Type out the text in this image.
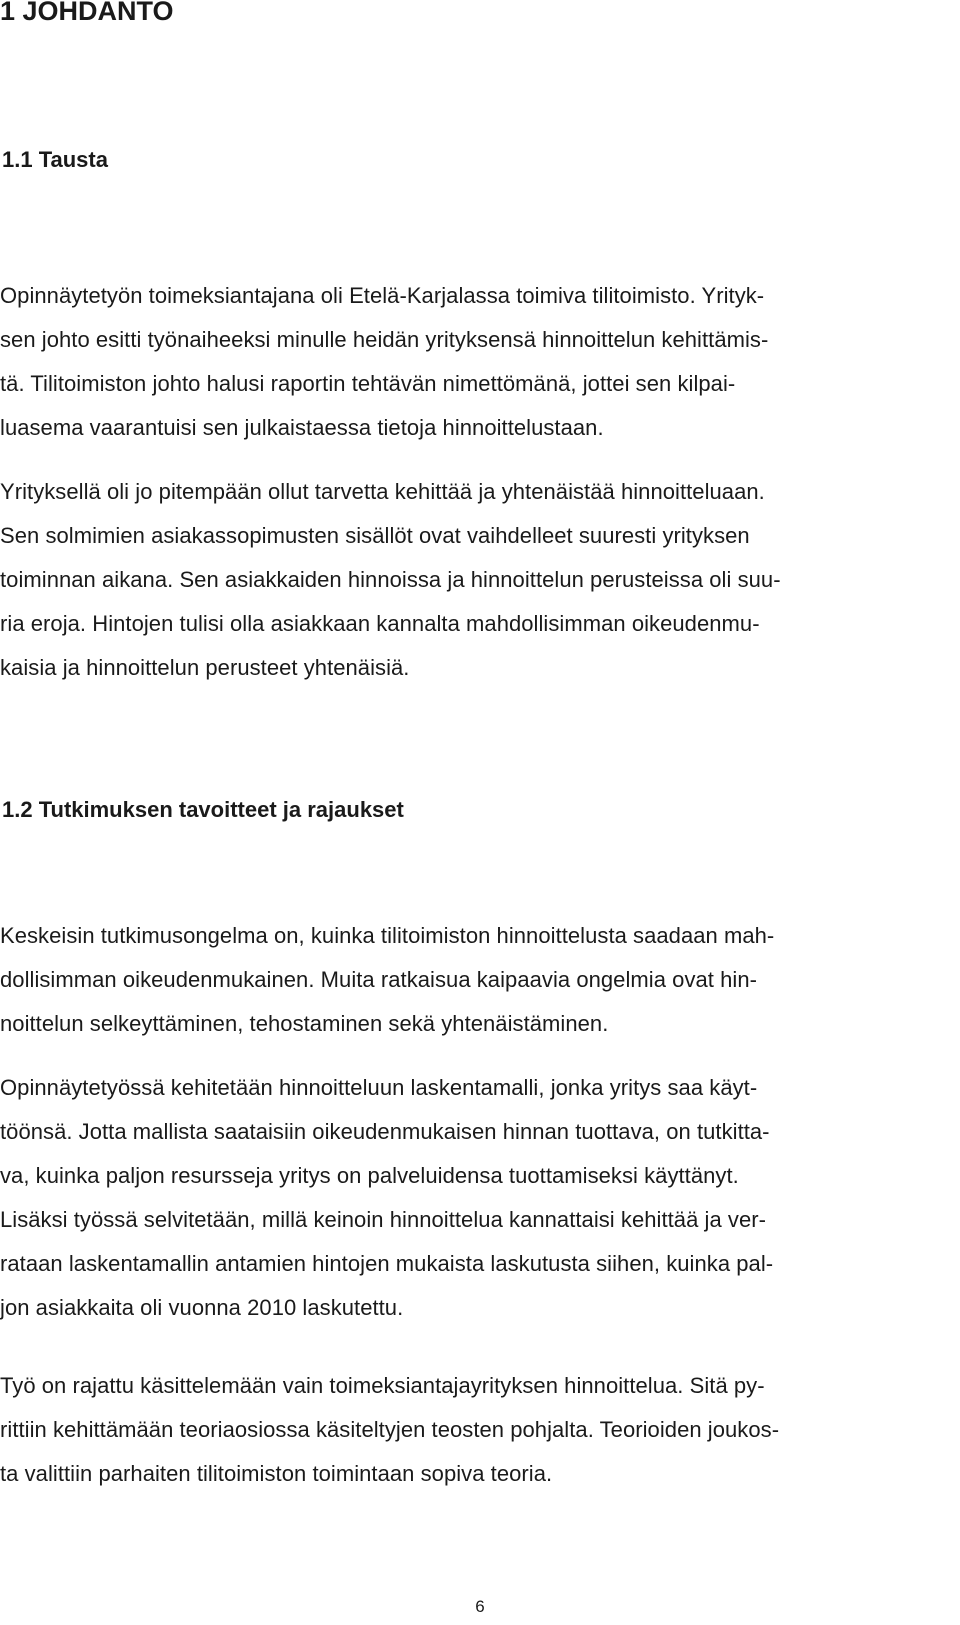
1 JOHDANTO
1.1 Tausta
Opinnäytetyön toimeksiantajana oli Etelä-Karjalassa toimiva tilitoimisto. Yrityk-
sen johto esitti työnaiheeksi minulle heidän yrityksensä hinnoittelun kehittämis-
tä. Tilitoimiston johto halusi raportin tehtävän nimettömänä, jottei sen kilpai-
luasema vaarantuisi sen julkaistaessa tietoja hinnoittelustaan.
Yrityksellä oli jo pitempään ollut tarvetta kehittää ja yhtenäistää hinnoitteluaan.
Sen solmimien asiakassopimusten sisällöt ovat vaihdelleet suuresti yrityksen
toiminnan aikana. Sen asiakkaiden hinnoissa ja hinnoittelun perusteissa oli suu-
ria eroja. Hintojen tulisi olla asiakkaan kannalta mahdollisimman oikeudenmu-
kaisia ja hinnoittelun perusteet yhtenäisiä.
1.2 Tutkimuksen tavoitteet ja rajaukset
Keskeisin tutkimusongelma on, kuinka tilitoimiston hinnoittelusta saadaan mah-
dollisimman oikeudenmukainen. Muita ratkaisua kaipaavia ongelmia ovat hin-
noittelun selkeyttäminen, tehostaminen sekä yhtenäistäminen.
Opinnäytetyössä kehitetään hinnoitteluun laskentamalli, jonka yritys saa käyt-
töönsä. Jotta mallista saataisiin oikeudenmukaisen hinnan tuottava, on tutkitta-
va, kuinka paljon resursseja yritys on palveluidensa tuottamiseksi käyttänyt.
Lisäksi työssä selvitetään, millä keinoin hinnoittelua kannattaisi kehittää ja ver-
rataan laskentamallin antamien hintojen mukaista laskutusta siihen, kuinka pal-
jon asiakkaita oli vuonna 2010 laskutettu.
Työ on rajattu käsittelemään vain toimeksiantajayrityksen hinnoittelua. Sitä py-
rittiin kehittämään teoriaosiossa käsiteltyjen teosten pohjalta. Teorioiden joukos-
ta valittiin parhaiten tilitoimiston toimintaan sopiva teoria.

6
